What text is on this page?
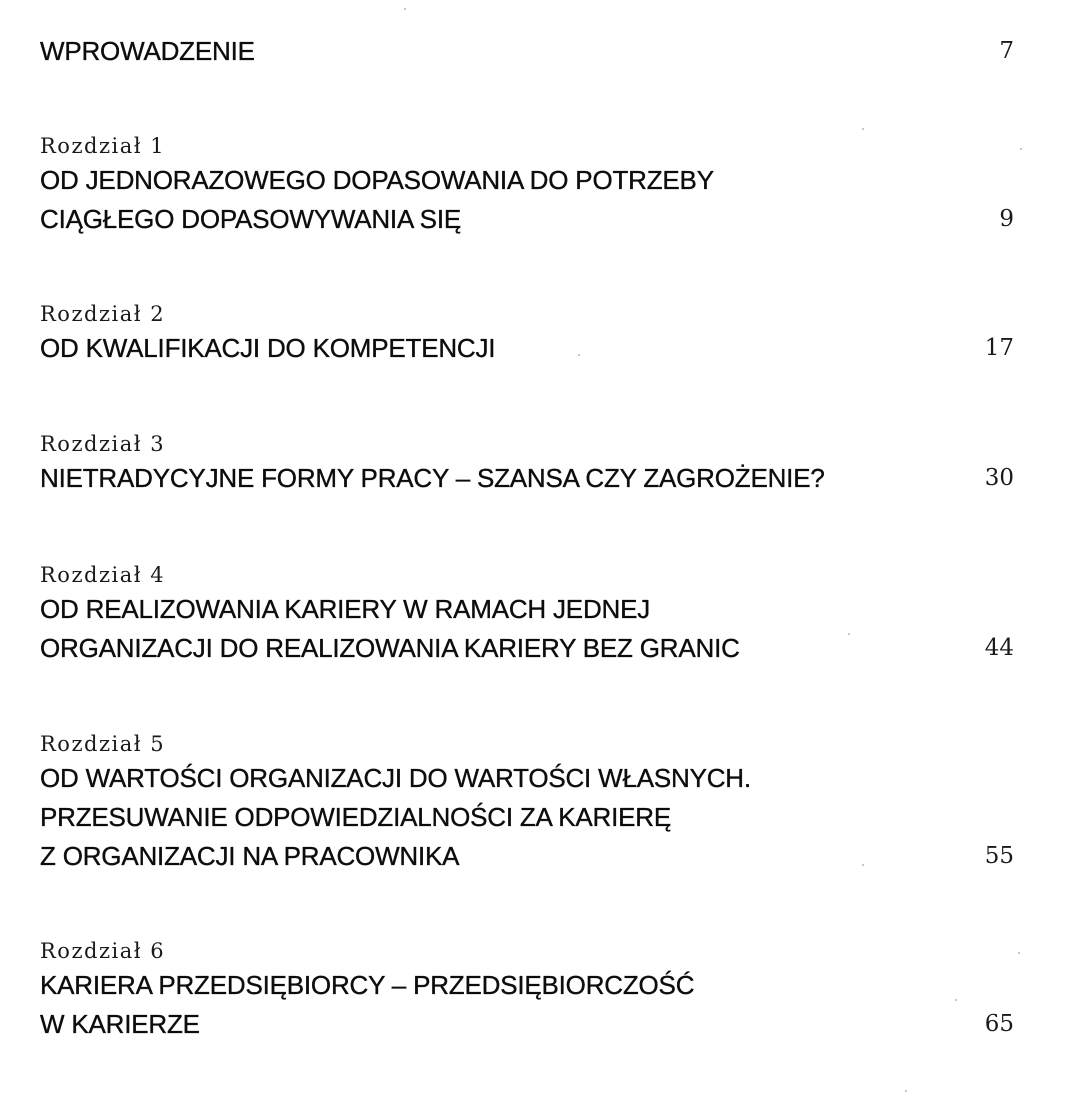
WPROWADZENIE	7
Rozdział 1
OD JEDNORAZOWEGO DOPASOWANIA DO POTRZEBY
CIĄGŁEGO DOPASOWYWANIA SIĘ	9
Rozdział 2
OD KWALIFIKACJI DO KOMPETENCJI	17
Rozdział 3
NIETRADYCYJNE FORMY PRACY – SZANSA CZY ZAGROŻENIE?	30
Rozdział 4
OD REALIZOWANIA KARIERY W RAMACH JEDNEJ
ORGANIZACJI DO REALIZOWANIA KARIERY BEZ GRANIC	44
Rozdział 5
OD WARTOŚCI ORGANIZACJI DO WARTOŚCI WŁASNYCH.
PRZESUWANIE ODPOWIEDZIALNOŚCI ZA KARIERĘ
Z ORGANIZACJI NA PRACOWNIKA	55
Rozdział 6
KARIERA PRZEDSIĘBIORCY – PRZEDSIĘBIORCZOŚĆ
W KARIERZE	65
